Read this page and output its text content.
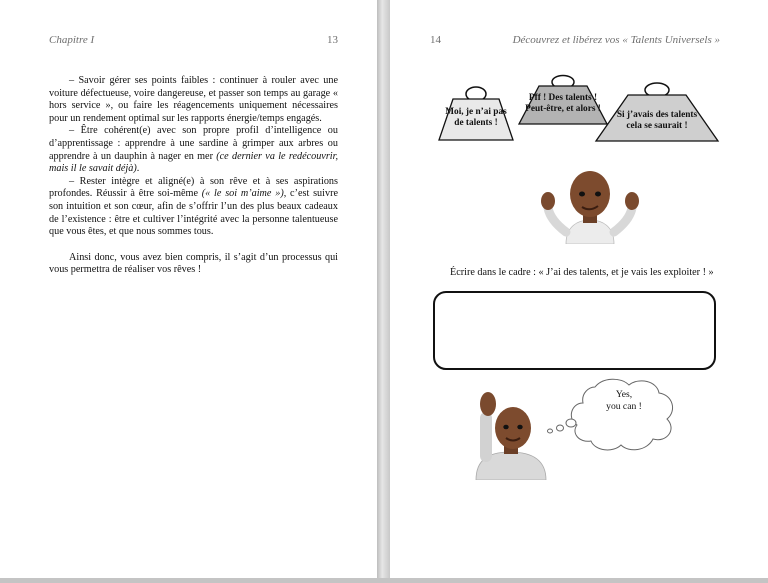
Chapitre I	13

– Savoir gérer ses points faibles : continuer à rouler avec une voiture défectueuse, voire dangereuse, et passer son temps au garage « hors service », ou faire les réagencements uniquement nécessaires pour un rendement optimal sur les rapports énergie/temps engagés.

– Être cohérent(e) avec son propre profil d’intelligence ou d’apprentissage : apprendre à une sardine à grimper aux arbres ou apprendre à un dauphin à nager en mer (ce dernier va le redécouvrir, mais il le savait déjà).

– Rester intègre et aligné(e) à son rêve et à ses aspirations profondes. Réussir à être soi-même (« le soi m’aime »), c’est suivre son intuition et son cœur, afin de s’offrir l’un des plus beaux cadeaux de l’existence : être et cultiver l’intégrité avec la personne talentueuse que vous êtes, et que nous sommes tous.

Ainsi donc, vous avez bien compris, il s’agit d’un processus qui vous permettra de réaliser vos rêves !

14	Découvrez et libérez vos « Talents Universels »
Moi, je n’ai pas
de talents !
Pff ! Des talents !
Peut-être, et alors !
Si j’avais des talents
cela se saurait !
Écrire dans le cadre : « J’ai des talents, et je vais les exploiter ! »
Yes,
you can !
